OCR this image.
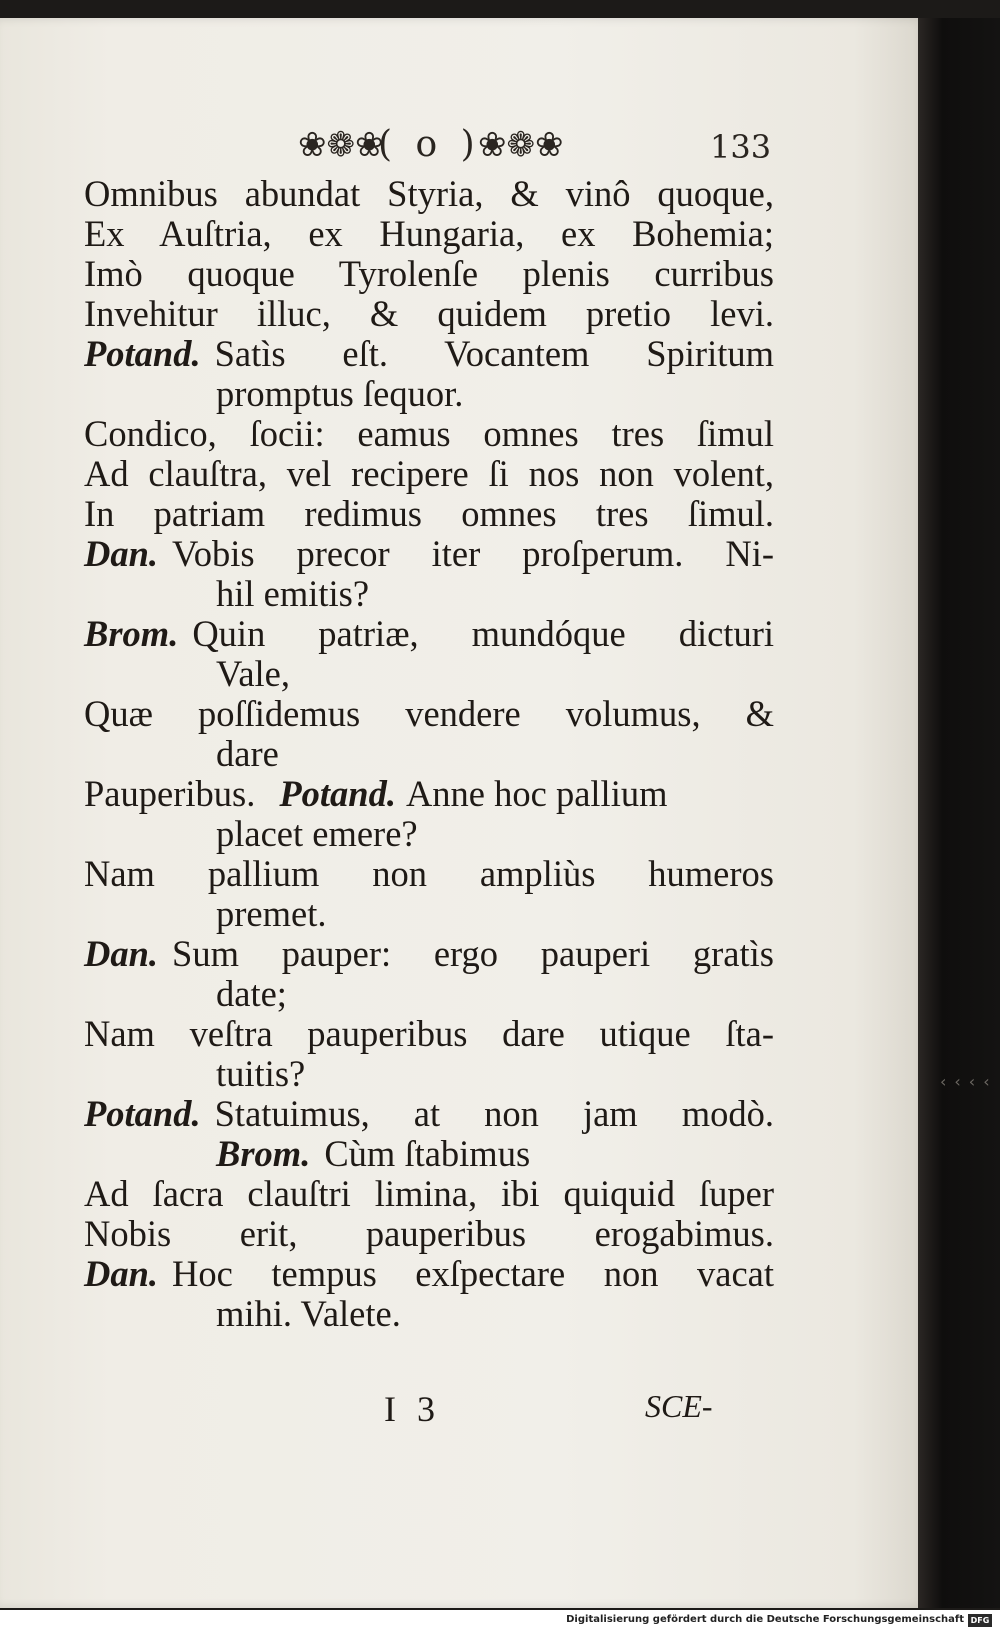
❀❁❀
( o )
❀❁❀	133
Omnibus abundat Styria, & vinô quoque,
Ex Auſtria, ex Hungaria, ex Bohemia;
Imò quoque Tyrolenſe plenis curribus
Invehitur illuc, & quidem pretio levi.
Potand. Satìs eſt. Vocantem Spiritum
promptus ſequor.
Condico, ſocii: eamus omnes tres ſimul
Ad clauſtra, vel recipere ſi nos non volent,
In patriam redimus omnes tres ſimul.
Dan. Vobis precor iter proſperum. Ni-
hil emitis?
Brom. Quin patriæ, mundóque dicturi
Vale,
Quæ poſſidemus vendere volumus, &
dare
Pauperibus. Potand. Anne hoc pallium
placet emere?
Nam pallium non ampliùs humeros
premet.
Dan. Sum pauper: ergo pauperi gratìs
date;
Nam veſtra pauperibus dare utique ſta-
tuitis?
Potand. Statuimus, at non jam modò.
Brom. Cùm ſtabimus
Ad ſacra clauſtri limina, ibi quiquid ſuper
Nobis erit, pauperibus erogabimus.
Dan. Hoc tempus exſpectare non vacat
mihi. Valete.
I 3	SCE-
‹‹‹‹
Digitalisierung gefördert durch die Deutsche Forschungsgemeinschaft DFG
